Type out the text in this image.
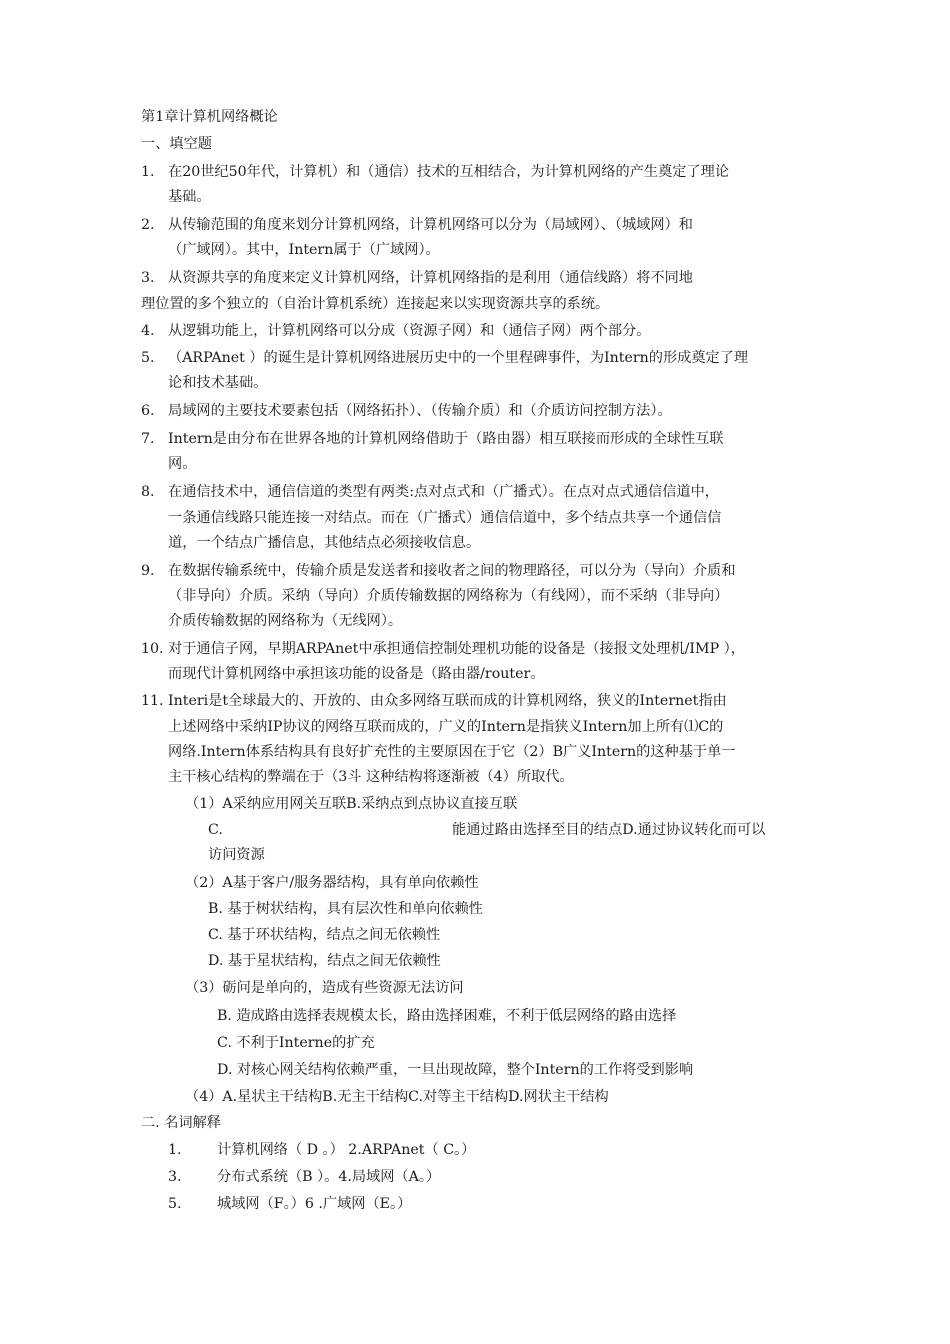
第1章计算机网络概论
一、填空题
1. 在20世纪50年代，计算机）和（通信）技术的互相结合，为计算机网络的产生奠定了理论
基础。
2. 从传输范围的角度来划分计算机网络，计算机网络可以分为（局域网）、（城域网）和
（广域网）。其中，Intern属于（广域网）。
3. 从资源共享的角度来定义计算机网络，计算机网络指的是利用（通信线路）将不同地
理位置的多个独立的（自治计算机系统）连接起来以实现资源共享的系统。
4. 从逻辑功能上，计算机网络可以分成（资源子网）和（通信子网）两个部分。
5. （ARPAnet ）的诞生是计算机网络进展历史中的一个里程碑事件，为Intern的形成奠定了理
论和技术基础。
6. 局域网的主要技术要素包括（网络拓扑）、（传输介质）和（介质访问控制方法）。
7. Intern是由分布在世界各地的计算机网络借助于（路由器）相互联接而形成的全球性互联
网。
8. 在通信技术中，通信信道的类型有两类:点对点式和（广播式）。在点对点式通信信道中，
一条通信线路只能连接一对结点。而在（广播式）通信信道中，多个结点共享一个通信信
道，一个结点广播信息，其他结点必须接收信息。
9. 在数据传输系统中，传输介质是发送者和接收者之间的物理路径，可以分为（导向）介质和
（非导向）介质。采纳（导向）介质传输数据的网络称为（有线网），而不采纳（非导向）
介质传输数据的网络称为（无线网）。
10. 对于通信子网，早期ARPAnet中承担通信控制处理机功能的设备是（接报文处理机/IMP ），
而现代计算机网络中承担该功能的设备是（路由器/router。
11. Interi是t全球最大的、开放的、由众多网络互联而成的计算机网络，狭义的Internet指由
上述网络中采纳IP协议的网络互联而成的，广义的Intern是指狭义Intern加上所有⑴C的
网络.Intern体系结构具有良好扩充性的主要原因在于它（2）B广义Intern的这种基于单一
主干核心结构的弊端在于（3斗 这种结构将逐渐被（4）所取代。
（1）A采纳应用网关互联B.采纳点到点协议直接互联
C.	能通过路由选择至目的结点D.通过协议转化而可以
访问资源
（2）A基于客户/服务器结构，具有单向依赖性
B. 基于树状结构，具有层次性和单向依赖性
C. 基于环状结构，结点之间无依赖性
D. 基于星状结构，结点之间无依赖性
（3）砺问是单向的，造成有些资源无法访问
B. 造成路由选择表规模太长，路由选择困难，不利于低层网络的路由选择
C. 不利于Interne的扩充
D. 对核心网关结构依赖严重，一旦出现故障，整个Intern的工作将受到影响
（4）A.星状主干结构B.无主干结构C.对等主干结构D.网状主干结构
二. 名词解释
1. 计算机网络（ D 。） 2.ARPAnet（ C。）
3. 分布式系统（B ）。4.局域网（A。）
5. 城域网（F。）6 .广域网（E。）
